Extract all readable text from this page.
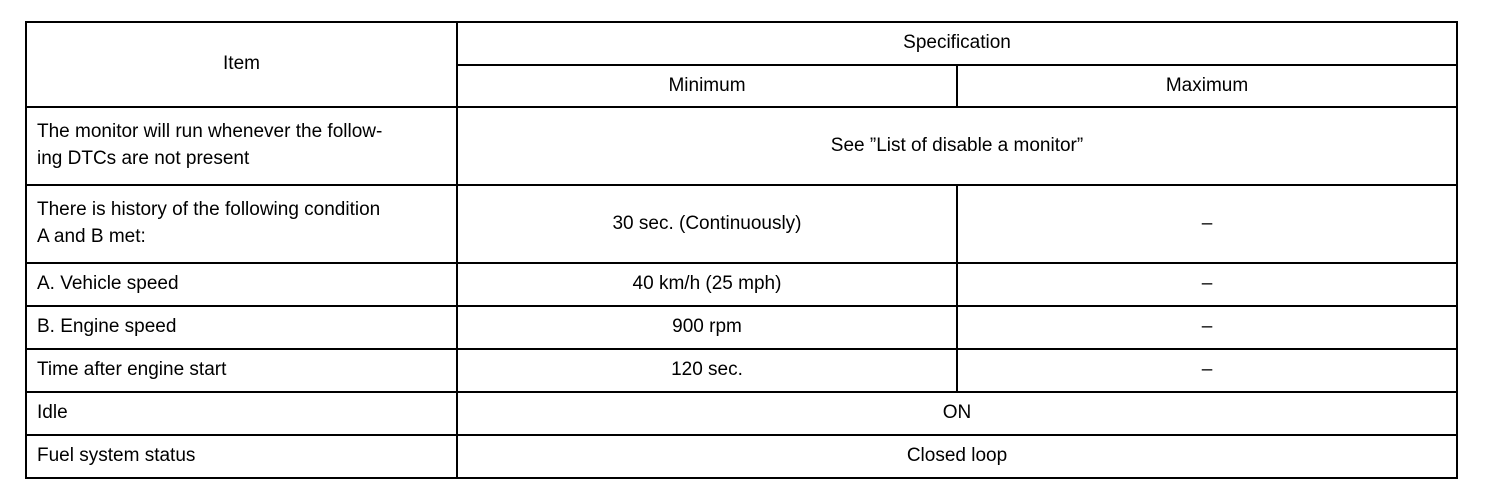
Item	Specification	
	Minimum	Maximum
The monitor will run whenever the follow-
ing DTCs are not present	See ”List of disable a monitor”	
There is history of the following condition
A and B met:	30 sec. (Continuously)	–
A. Vehicle speed	40 km/h (25 mph)	–
B. Engine speed	900 rpm	–
Time after engine start	120 sec.	–
Idle	ON	
Fuel system status	Closed loop	
